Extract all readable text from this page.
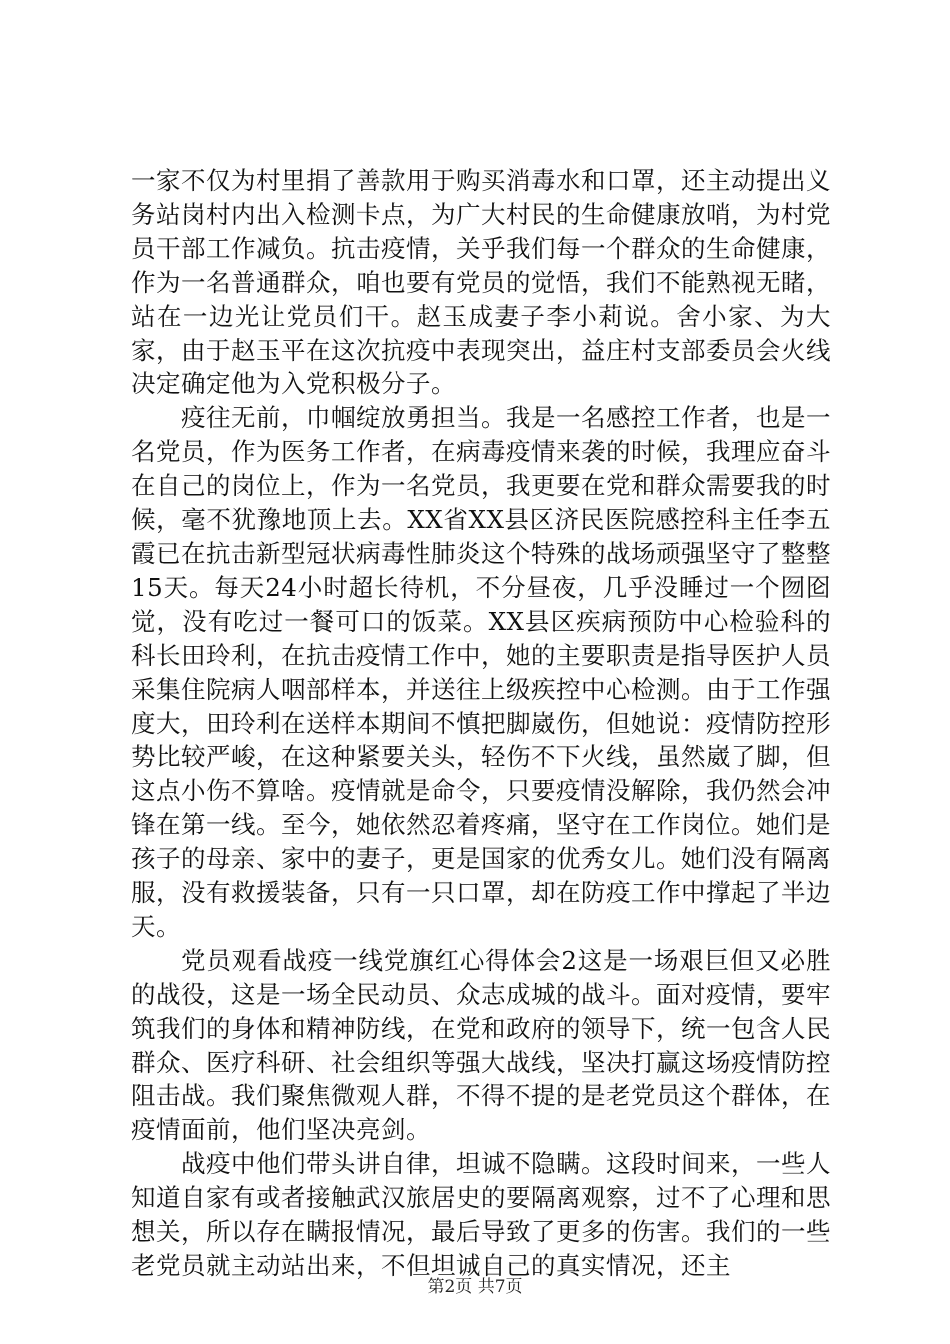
一家不仅为村里捐了善款用于购买消毒水和口罩，还主动提出义务站岗村内出入检测卡点，为广大村民的生命健康放哨，为村党员干部工作减负。抗击疫情，关乎我们每一个群众的生命健康，作为一名普通群众，咱也要有党员的觉悟，我们不能熟视无睹，站在一边光让党员们干。赵玉成妻子李小莉说。舍小家、为大家，由于赵玉平在这次抗疫中表现突出，益庄村支部委员会火线决定确定他为入党积极分子。

疫往无前，巾帼绽放勇担当。我是一名感控工作者，也是一名党员，作为医务工作者，在病毒疫情来袭的时候，我理应奋斗在自己的岗位上，作为一名党员，我更要在党和群众需要我的时候，毫不犹豫地顶上去。XX省XX县区济民医院感控科主任李五霞已在抗击新型冠状病毒性肺炎这个特殊的战场顽强坚守了整整15天。每天24小时超长待机，不分昼夜，几乎没睡过一个囫囵觉，没有吃过一餐可口的饭菜。XX县区疾病预防中心检验科的科长田玲利，在抗击疫情工作中，她的主要职责是指导医护人员采集住院病人咽部样本，并送往上级疾控中心检测。由于工作强度大，田玲利在送样本期间不慎把脚崴伤，但她说：疫情防控形势比较严峻，在这种紧要关头，轻伤不下火线，虽然崴了脚，但这点小伤不算啥。疫情就是命令，只要疫情没解除，我仍然会冲锋在第一线。至今，她依然忍着疼痛，坚守在工作岗位。她们是孩子的母亲、家中的妻子，更是国家的优秀女儿。她们没有隔离服，没有救援装备，只有一只口罩，却在防疫工作中撑起了半边天。

党员观看战疫一线党旗红心得体会2这是一场艰巨但又必胜的战役，这是一场全民动员、众志成城的战斗。面对疫情，要牢筑我们的身体和精神防线，在党和政府的领导下，统一包含人民群众、医疗科研、社会组织等强大战线，坚决打赢这场疫情防控阻击战。我们聚焦微观人群，不得不提的是老党员这个群体，在疫情面前，他们坚决亮剑。

战疫中他们带头讲自律，坦诚不隐瞒。这段时间来，一些人知道自家有或者接触武汉旅居史的要隔离观察，过不了心理和思想关，所以存在瞒报情况，最后导致了更多的伤害。我们的一些老党员就主动站出来，不但坦诚自己的真实情况，还主

第2页 共7页
